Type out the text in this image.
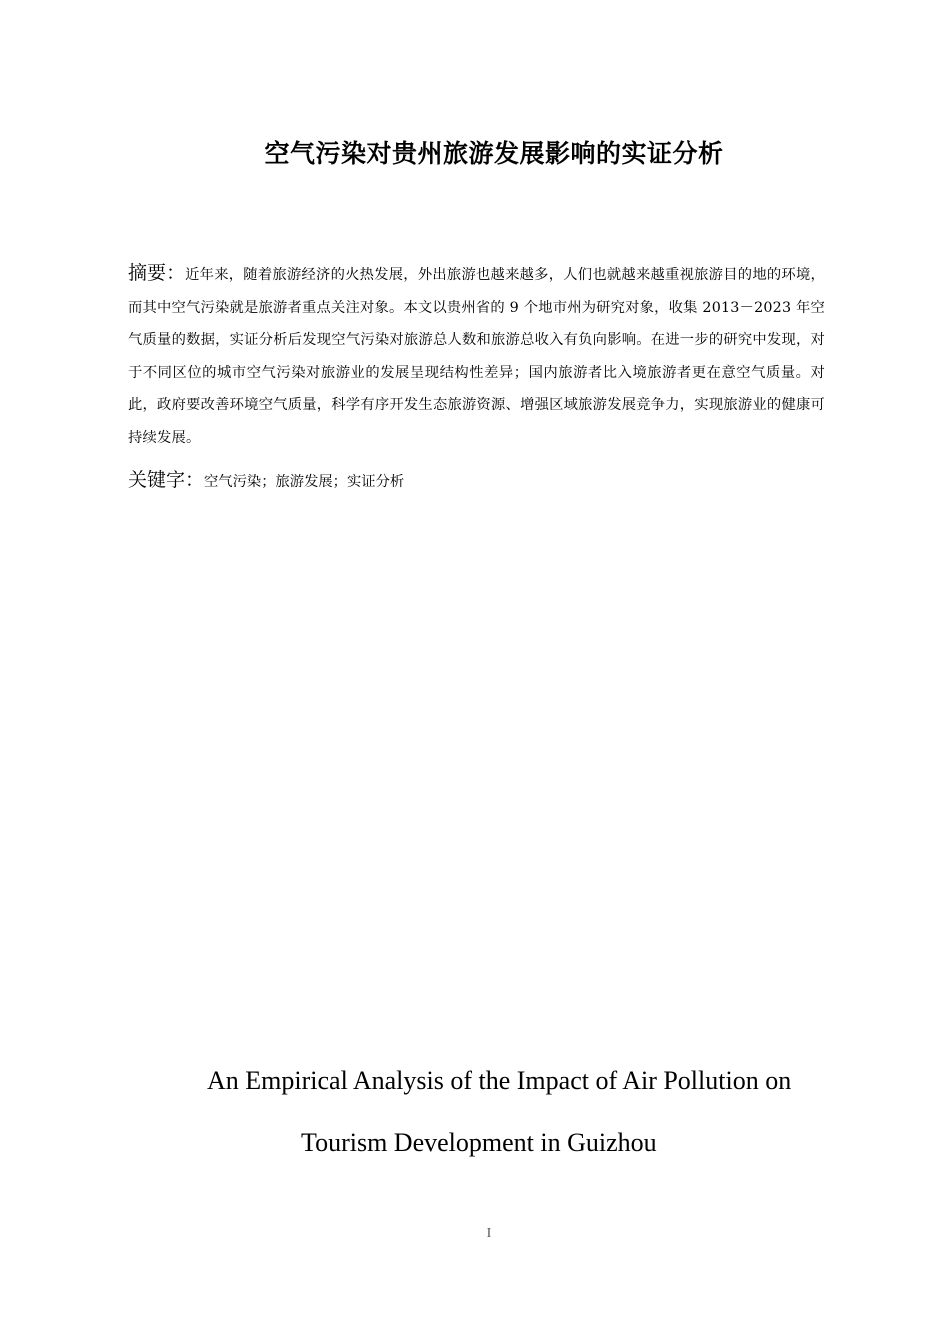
空气污染对贵州旅游发展影响的实证分析
摘要：近年来，随着旅游经济的火热发展，外出旅游也越来越多，人们也就越来越重视旅游目的地的环境，而其中空气污染就是旅游者重点关注对象。本文以贵州省的 9 个地市州为研究对象，收集 2013－2023 年空气质量的数据，实证分析后发现空气污染对旅游总人数和旅游总收入有负向影响。在进一步的研究中发现，对于不同区位的城市空气污染对旅游业的发展呈现结构性差异；国内旅游者比入境旅游者更在意空气质量。对此，政府要改善环境空气质量，科学有序开发生态旅游资源、增强区域旅游发展竞争力，实现旅游业的健康可持续发展。
关键字：空气污染；旅游发展；实证分析
An Empirical Analysis of the Impact of Air Pollution on
Tourism Development in Guizhou
I
